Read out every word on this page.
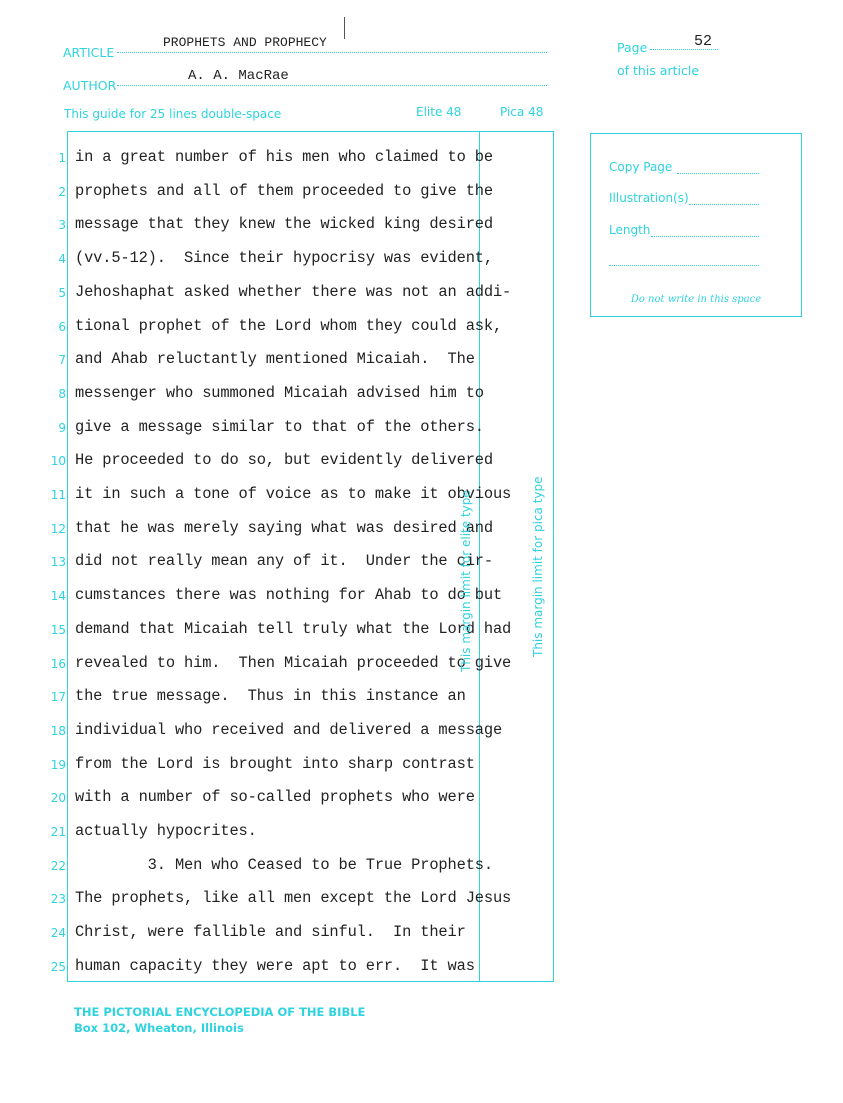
ARTICLE
PROPHETS AND PROPHECY
AUTHOR
A. A. MacRae
Page	52
of this article
This guide for 25 lines double-space	Elite 48	Pica 48
1 in a great number of his men who claimed to be
2 prophets and all of them proceeded to give the
3 message that they knew the wicked king desired
4 (vv.5-12).  Since their hypocrisy was evident,
5 Jehoshaphat asked whether there was not an addi-
6 tional prophet of the Lord whom they could ask,
7 and Ahab reluctantly mentioned Micaiah.  The
8 messenger who summoned Micaiah advised him to
9 give a message similar to that of the others.
10 He proceeded to do so, but evidently delivered
11 it in such a tone of voice as to make it obvious
12 that he was merely saying what was desired and
13 did not really mean any of it.  Under the cir-
14 cumstances there was nothing for Ahab to do but
15 demand that Micaiah tell truly what the Lord had
16 revealed to him.  Then Micaiah proceeded to give
17 the true message.  Thus in this instance an
18 individual who received and delivered a message
19 from the Lord is brought into sharp contrast
20 with a number of so-called prophets who were
21 actually hypocrites.
22 3. Men who Ceased to be True Prophets.
23 The prophets, like all men except the Lord Jesus
24 Christ, were fallible and sinful.  In their
25 human capacity they were apt to err.  It was
This margin limit for elite type	This margin limit for pica type
Copy Page
Illustration(s)
Length
Do not write in this space
THE PICTORIAL ENCYCLOPEDIA OF THE BIBLE
Box 102, Wheaton, Illinois
